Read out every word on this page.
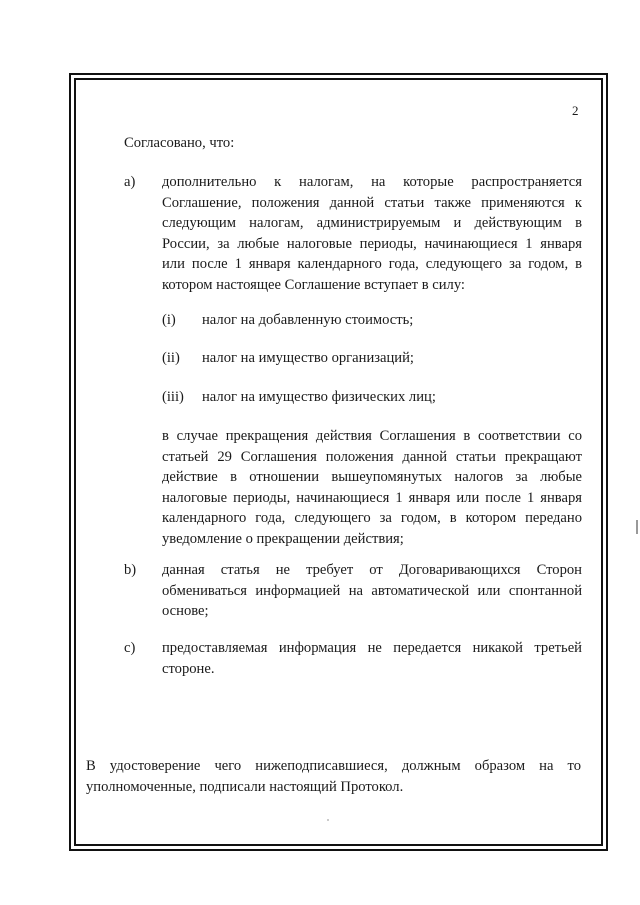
2
Согласовано, что:
a) дополнительно к налогам, на которые распространяется
Соглашение, положения данной статьи также применяются к
следующим налогам, администрируемым и действующим в
России, за любые налоговые периоды, начинающиеся 1 января
или после 1 января календарного года, следующего за годом, в
котором настоящее Соглашение вступает в силу:
(i) налог на добавленную стоимость;
(ii) налог на имущество организаций;
(iii) налог на имущество физических лиц;
в случае прекращения действия Соглашения в соответствии со
статьей 29 Соглашения положения данной статьи прекращают
действие в отношении вышеупомянутых налогов за любые
налоговые периоды, начинающиеся 1 января или после 1 января
календарного года, следующего за годом, в котором передано
уведомление о прекращении действия;
b) данная статья не требует от Договаривающихся Сторон
обмениваться информацией на автоматической или спонтанной
основе;
c) предоставляемая информация не передается никакой третьей
стороне.
В удостоверение чего нижеподписавшиеся, должным образом на то
уполномоченные, подписали настоящий Протокол.
